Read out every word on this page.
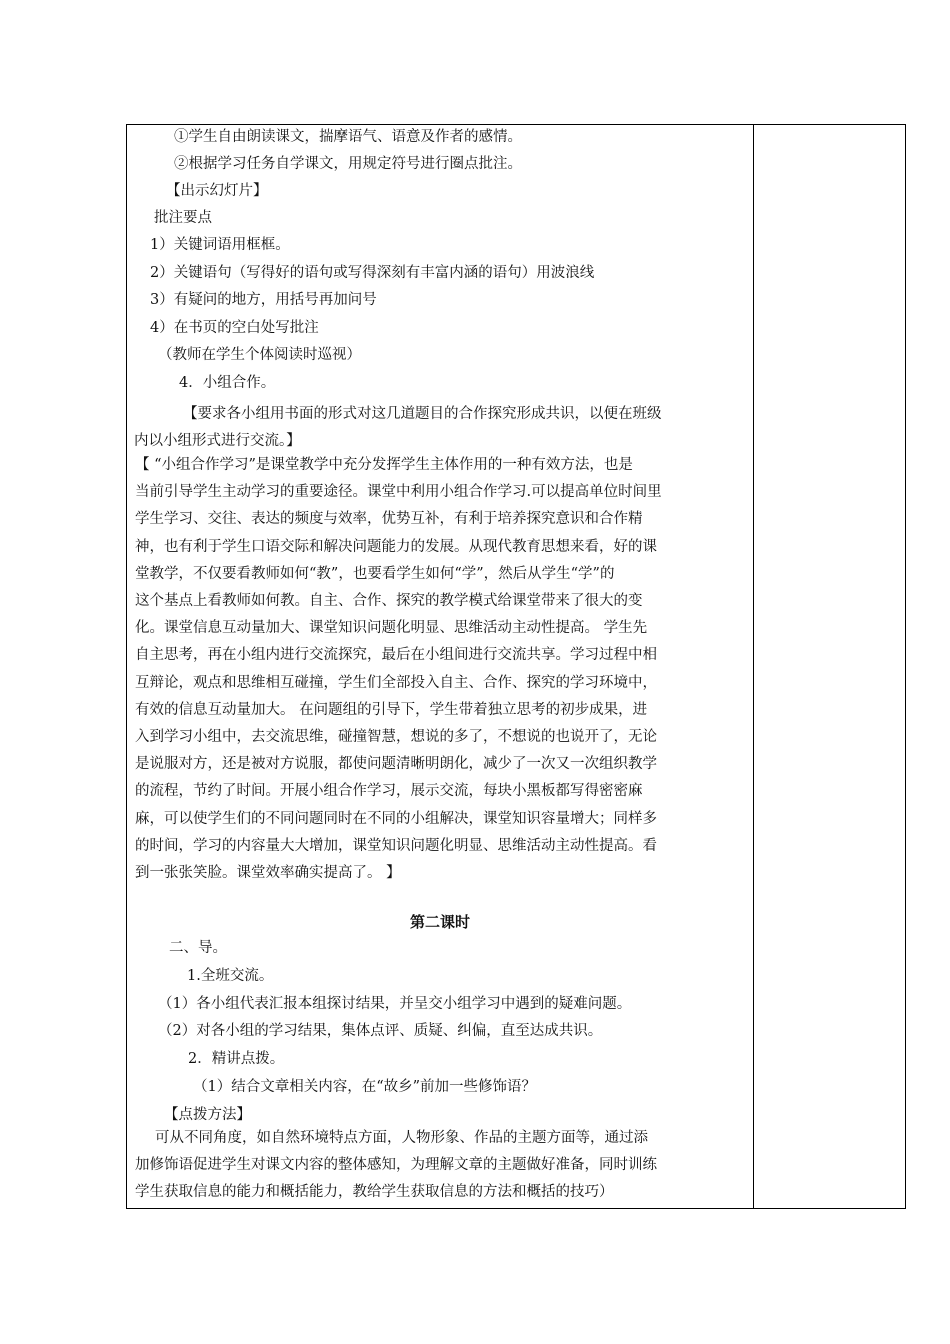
①学生自由朗读课文，揣摩语气、语意及作者的感情。
②根据学习任务自学课文，用规定符号进行圈点批注。
【出示幻灯片】
批注要点
1）关键词语用框框。
2）关键语句（写得好的语句或写得深刻有丰富内涵的语句）用波浪线
3）有疑问的地方，用括号再加问号
4）在书页的空白处写批注
（教师在学生个体阅读时巡视）
4．小组合作。
【要求各小组用书面的形式对这几道题目的合作探究形成共识，以便在班级
内以小组形式进行交流。】
【 “小组合作学习”是课堂教学中充分发挥学生主体作用的一种有效方法，也是
当前引导学生主动学习的重要途径。课堂中利用小组合作学习.可以提高单位时间里
学生学习、交往、表达的频度与效率，优势互补，有利于培养探究意识和合作精
神，也有利于学生口语交际和解决问题能力的发展。从现代教育思想来看，好的课
堂教学，不仅要看教师如何“教”，也要看学生如何“学”，然后从学生“学”的
这个基点上看教师如何教。自主、合作、探究的教学模式给课堂带来了很大的变
化。课堂信息互动量加大、课堂知识问题化明显、思维活动主动性提高。 学生先
自主思考，再在小组内进行交流探究，最后在小组间进行交流共享。学习过程中相
互辩论，观点和思维相互碰撞，学生们全部投入自主、合作、探究的学习环境中，
有效的信息互动量加大。 在问题组的引导下，学生带着独立思考的初步成果，进
入到学习小组中，去交流思维，碰撞智慧，想说的多了，不想说的也说开了，无论
是说服对方，还是被对方说服，都使问题清晰明朗化，减少了一次又一次组织教学
的流程，节约了时间。开展小组合作学习，展示交流，每块小黑板都写得密密麻
麻，可以使学生们的不同问题同时在不同的小组解决，课堂知识容量增大；同样多
的时间，学习的内容量大大增加，课堂知识问题化明显、思维活动主动性提高。看
到一张张笑脸。课堂效率确实提高了。 】
第二课时
二、导。
1.全班交流。
（1）各小组代表汇报本组探讨结果，并呈交小组学习中遇到的疑难问题。
（2）对各小组的学习结果，集体点评、质疑、纠偏，直至达成共识。
2．精讲点拨。
（1）结合文章相关内容，在“故乡”前加一些修饰语？
【点拨方法】
可从不同角度，如自然环境特点方面，人物形象、作品的主题方面等，通过添
加修饰语促进学生对课文内容的整体感知，为理解文章的主题做好准备，同时训练
学生获取信息的能力和概括能力，教给学生获取信息的方法和概括的技巧）
